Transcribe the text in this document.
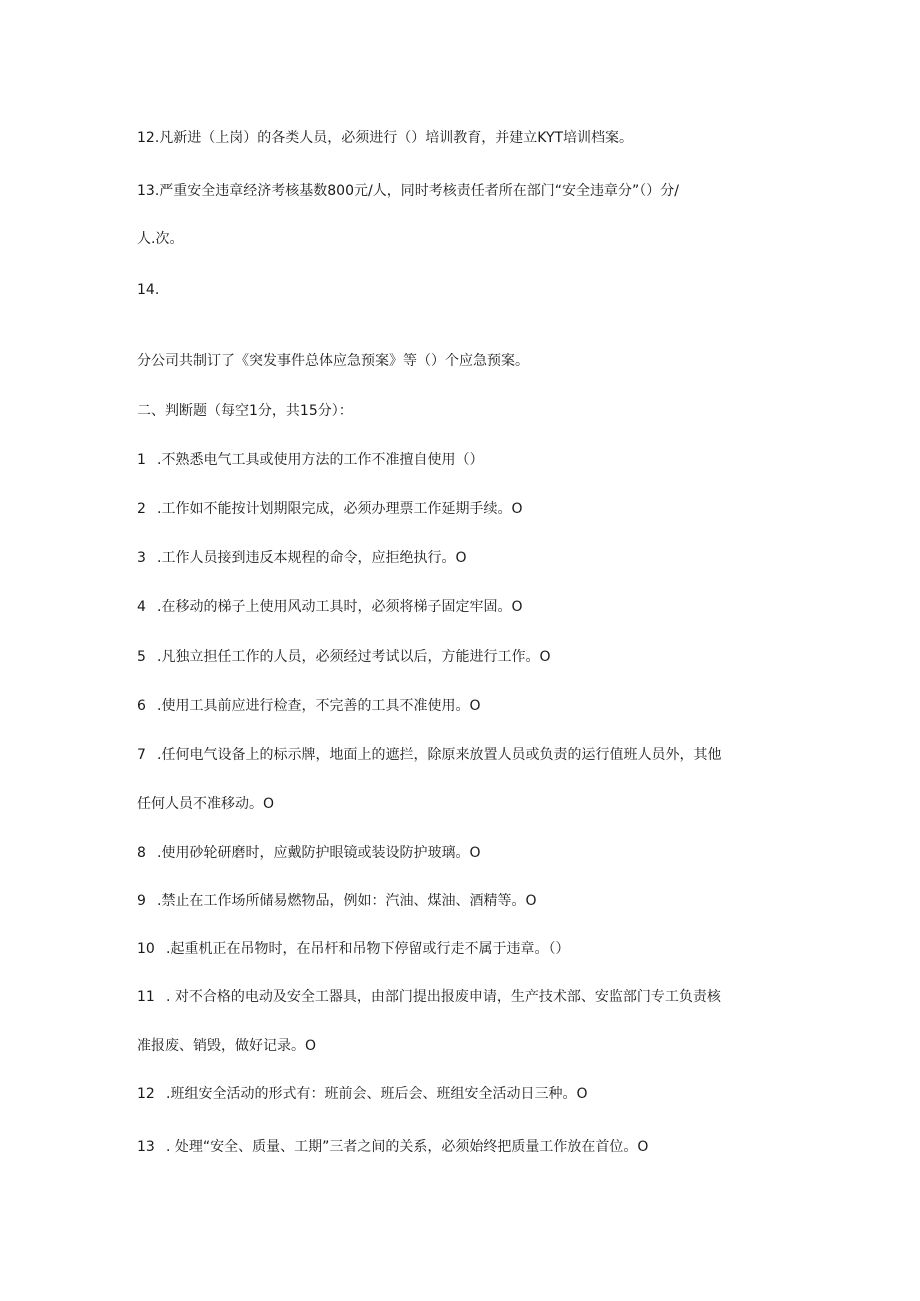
12.凡新进（上岗）的各类人员，必须进行（）培训教育，并建立KYT培训档案。
13.严重安全违章经济考核基数800元/人，同时考核责任者所在部门“安全违章分”（）分/
人.次。
14.
分公司共制订了《突发事件总体应急预案》等（）个应急预案。
二、判断题（每空1分，共15分）：
1 .不熟悉电气工具或使用方法的工作不准擅自使用（）
2 .工作如不能按计划期限完成，必须办理票工作延期手续。O
3 .工作人员接到违反本规程的命令，应拒绝执行。O
4 .在移动的梯子上使用风动工具时，必须将梯子固定牢固。O
5 .凡独立担任工作的人员，必须经过考试以后，方能进行工作。O
6 .使用工具前应进行检查，不完善的工具不准使用。O
7 .任何电气设备上的标示牌，地面上的遮拦，除原来放置人员或负责的运行值班人员外，其他
任何人员不准移动。O
8 .使用砂轮研磨时，应戴防护眼镜或装设防护玻璃。O
9 .禁止在工作场所储易燃物品，例如：汽油、煤油、酒精等。O
10 .起重机正在吊物时，在吊杆和吊物下停留或行走不属于违章。（）
11 . 对不合格的电动及安全工器具，由部门提出报废申请，生产技术部、安监部门专工负责核
准报废、销毁，做好记录。O
12 .班组安全活动的形式有：班前会、班后会、班组安全活动日三种。O
13 . 处理“安全、质量、工期”三者之间的关系，必须始终把质量工作放在首位。O
